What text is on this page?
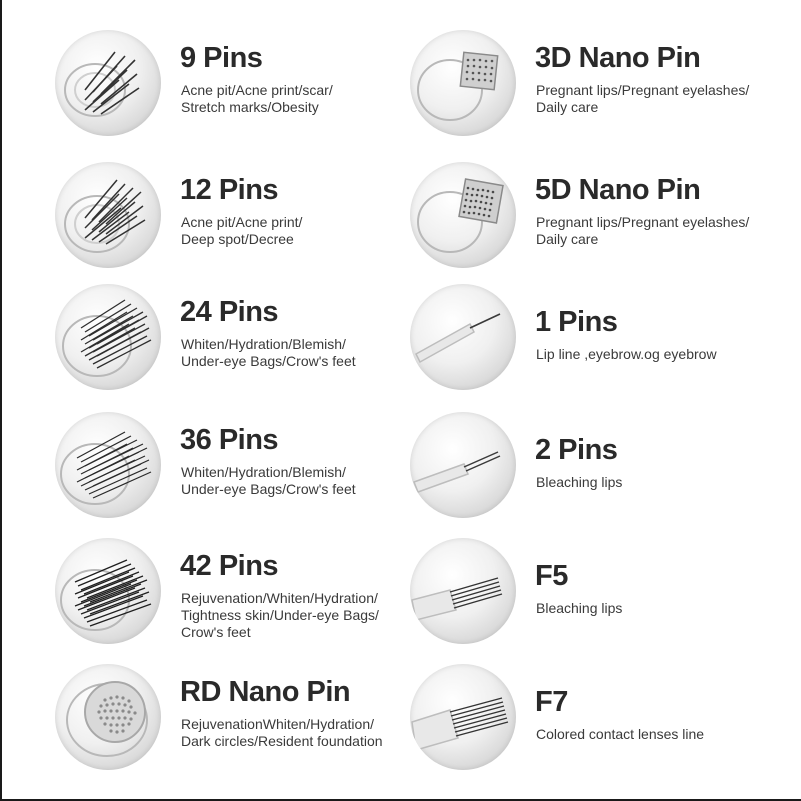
9 Pins
Acne pit/Acne print/scar/
Stretch marks/Obesity
12 Pins
Acne pit/Acne print/
Deep spot/Decree
24 Pins
Whiten/Hydration/Blemish/
Under-eye Bags/Crow's feet
36 Pins
Whiten/Hydration/Blemish/
Under-eye Bags/Crow's feet
42 Pins
Rejuvenation/Whiten/Hydration/
Tightness skin/Under-eye Bags/
Crow's feet
RD Nano Pin
RejuvenationWhiten/Hydration/
Dark circles/Resident foundation
3D Nano Pin
Pregnant lips/Pregnant eyelashes/
Daily care
5D Nano Pin
Pregnant lips/Pregnant eyelashes/
Daily care
1 Pins
Lip line ,eyebrow.og eyebrow
2 Pins
Bleaching lips
F5
Bleaching lips
F7
Colored contact lenses line
